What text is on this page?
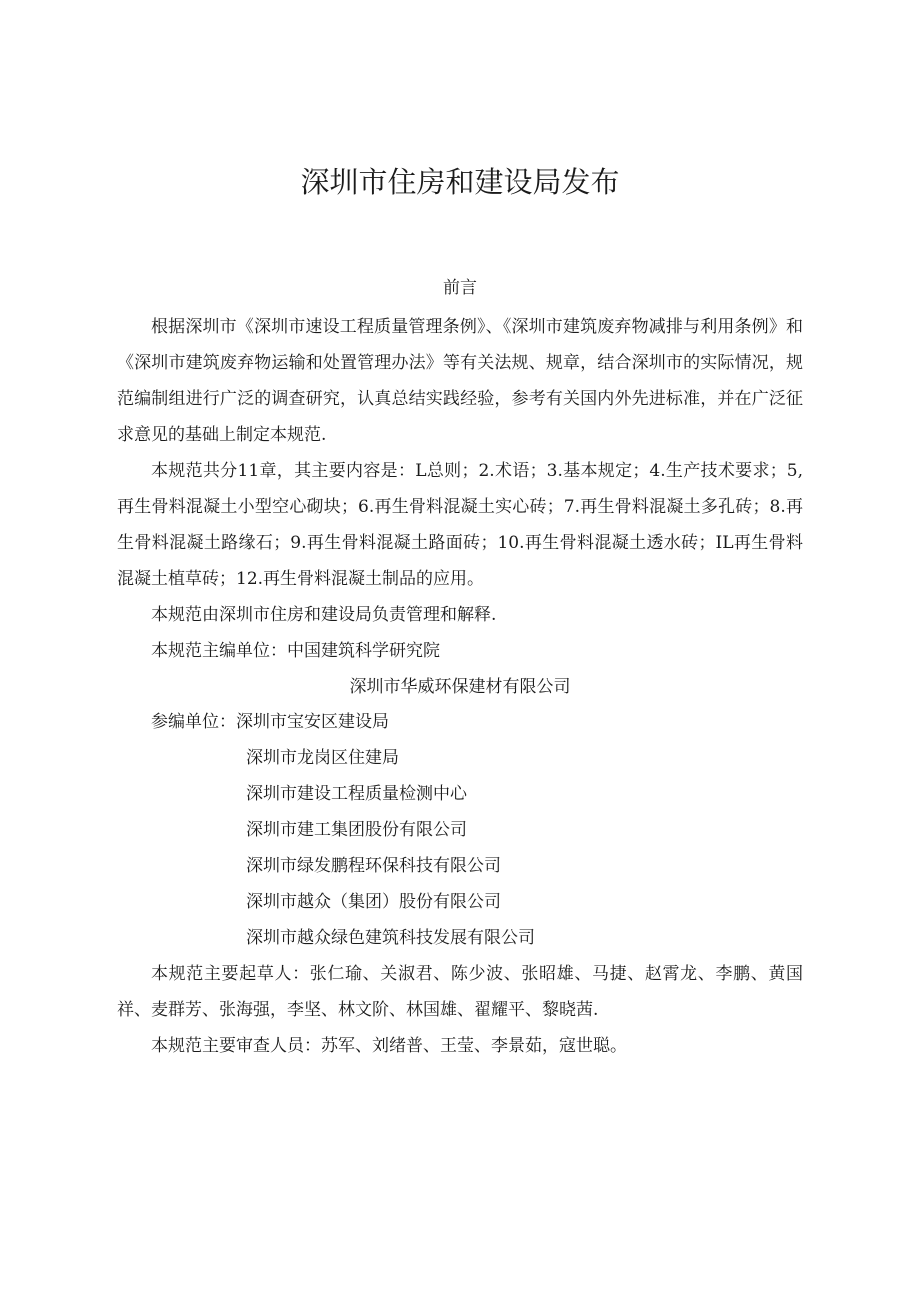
深圳市住房和建设局发布
前言

根据深圳市《深圳市速设工程质量管理条例》、《深圳市建筑废弃物减排与利用条例》和《深圳市建筑废弃物运输和处置管理办法》等有关法规、规章，结合深圳市的实际情况，规范编制组进行广泛的调查研究，认真总结实践经验，参考有关国内外先进标准，并在广泛征求意见的基础上制定本规范.

本规范共分11章，其主要内容是：L总则；2.术语；3.基本规定；4.生产技术要求；5,再生骨料混凝土小型空心砌块；6.再生骨料混凝土实心砖；7.再生骨料混凝土多孔砖；8.再生骨料混凝土路缘石；9.再生骨料混凝土路面砖；10.再生骨料混凝土透水砖；IL再生骨料混凝土植草砖；12.再生骨料混凝土制品的应用。

本规范由深圳市住房和建设局负责管理和解释.

本规范主编单位：中国建筑科学研究院

深圳市华威环保建材有限公司
参编单位：深圳市宝安区建设局
深圳市龙岗区住建局
深圳市建设工程质量检测中心
深圳市建工集团股份有限公司
深圳市绿发鹏程环保科技有限公司
深圳市越众（集团）股份有限公司
深圳市越众绿色建筑科技发展有限公司

本规范主要起草人：张仁瑜、关淑君、陈少波、张昭雄、马捷、赵霄龙、李鹏、黄国祥、麦群芳、张海强，李坚、林文阶、林国雄、翟耀平、黎晓茜.

本规范主要审查人员：苏军、刘绪普、王莹、李景茹，寇世聪。
